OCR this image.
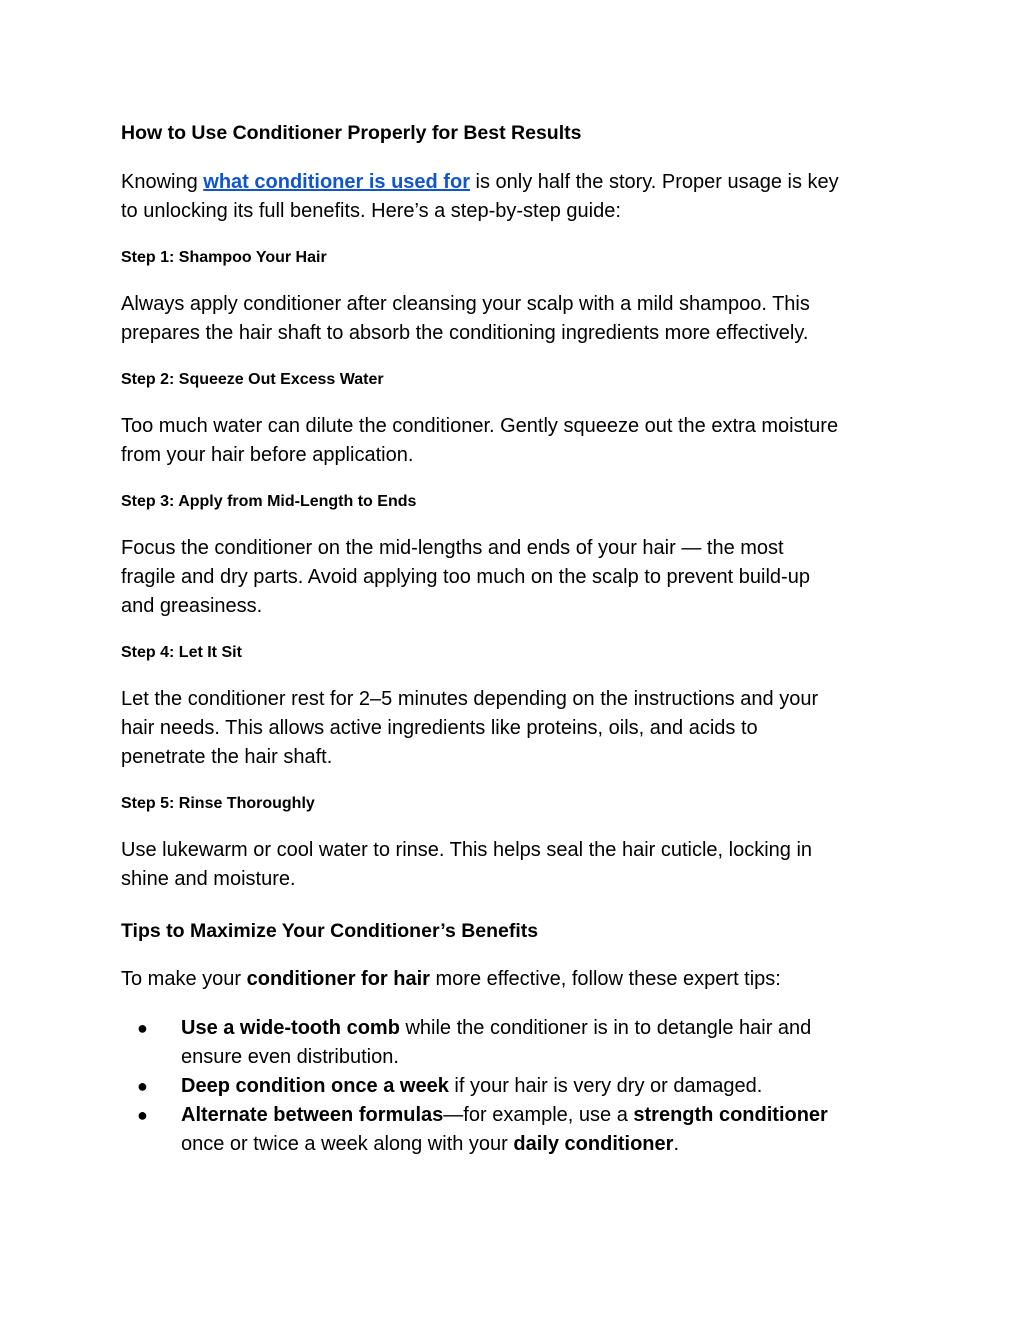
How to Use Conditioner Properly for Best Results
Knowing what conditioner is used for is only half the story. Proper usage is key
to unlocking its full benefits. Here’s a step-by-step guide:
Step 1: Shampoo Your Hair
Always apply conditioner after cleansing your scalp with a mild shampoo. This
prepares the hair shaft to absorb the conditioning ingredients more effectively.
Step 2: Squeeze Out Excess Water
Too much water can dilute the conditioner. Gently squeeze out the extra moisture
from your hair before application.
Step 3: Apply from Mid-Length to Ends
Focus the conditioner on the mid-lengths and ends of your hair — the most
fragile and dry parts. Avoid applying too much on the scalp to prevent build-up
and greasiness.
Step 4: Let It Sit
Let the conditioner rest for 2–5 minutes depending on the instructions and your
hair needs. This allows active ingredients like proteins, oils, and acids to
penetrate the hair shaft.
Step 5: Rinse Thoroughly
Use lukewarm or cool water to rinse. This helps seal the hair cuticle, locking in
shine and moisture.
Tips to Maximize Your Conditioner’s Benefits
To make your conditioner for hair more effective, follow these expert tips:
● Use a wide-tooth comb while the conditioner is in to detangle hair and
ensure even distribution.
● Deep condition once a week if your hair is very dry or damaged.
● Alternate between formulas—for example, use a strength conditioner
once or twice a week along with your daily conditioner.
